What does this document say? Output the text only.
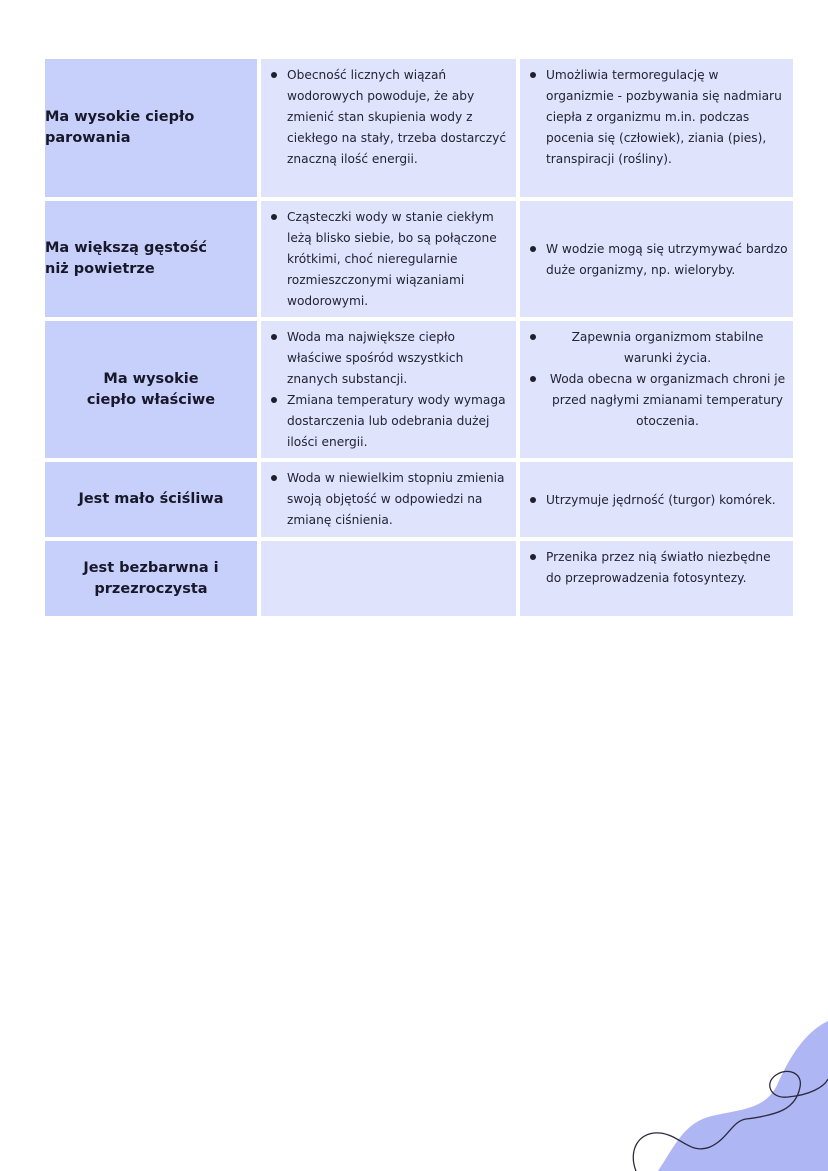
Ma wysokie ciepło parowania
Obecność licznych wiązań wodorowych powoduje, że aby zmienić stan skupienia wody z ciekłego na stały, trzeba dostarczyć znaczną ilość energii.
Umożliwia termoregulację w organizmie - pozbywania się nadmiaru ciepła z organizmu m.in. podczas pocenia się (człowiek), ziania (pies), transpiracji (rośliny).
Ma większą gęstość niż powietrze
Cząsteczki wody w stanie ciekłym leżą blisko siebie, bo są połączone krótkimi, choć nieregularnie rozmieszczonymi wiązaniami wodorowymi.
W wodzie mogą się utrzymywać bardzo duże organizmy, np. wieloryby.
Ma wysokie ciepło właściwe
Woda ma największe ciepło właściwe spośród wszystkich znanych substancji.
Zmiana temperatury wody wymaga dostarczenia lub odebrania dużej ilości energii.
Zapewnia organizmom stabilne warunki życia.
Woda obecna w organizmach chroni je przed nagłymi zmianami temperatury otoczenia.
Jest mało ściśliwa
Woda w niewielkim stopniu zmienia swoją objętość w odpowiedzi na zmianę ciśnienia.
Utrzymuje jędrność (turgor) komórek.
Jest bezbarwna i przezroczysta
Przenika przez nią światło niezbędne do przeprowadzenia fotosyntezy.
